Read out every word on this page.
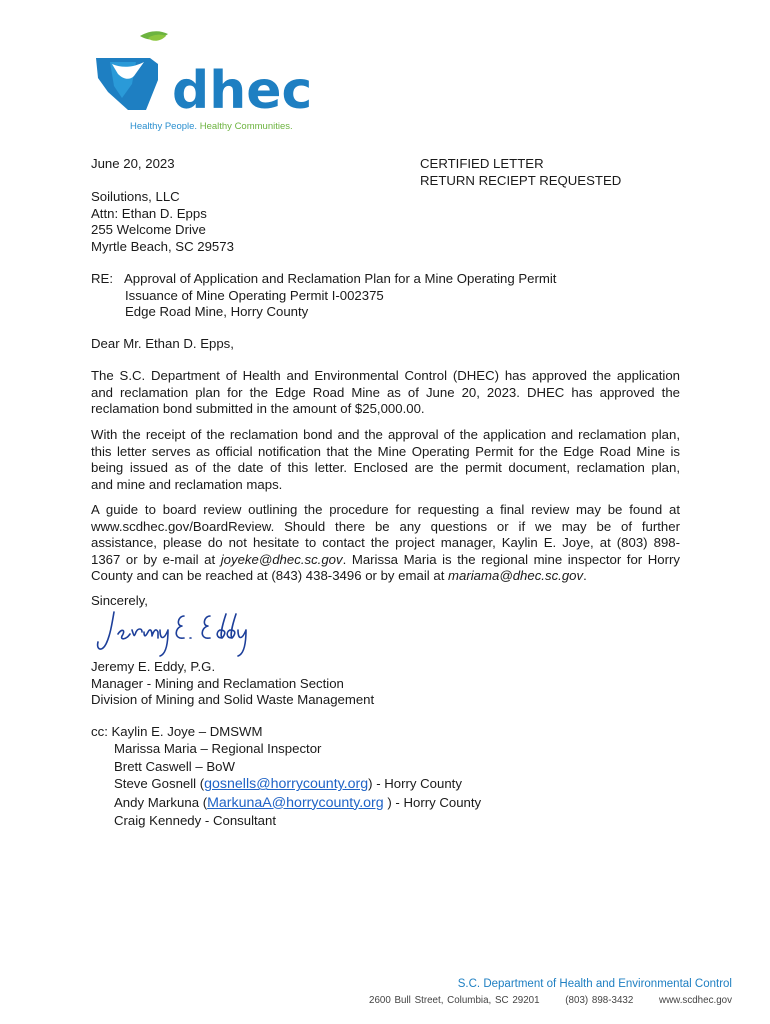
dhec
Healthy People. Healthy Communities.
June 20, 2023	CERTIFIED LETTER
RETURN RECIEPT REQUESTED
Soilutions, LLC
Attn: Ethan D. Epps
255 Welcome Drive
Myrtle Beach, SC 29573
RE: Approval of Application and Reclamation Plan for a Mine Operating Permit
Issuance of Mine Operating Permit I-002375
Edge Road Mine, Horry County
Dear Mr. Ethan D. Epps,
The S.C. Department of Health and Environmental Control (DHEC) has approved the application
and reclamation plan for the Edge Road Mine as of June 20, 2023. DHEC has approved the
reclamation bond submitted in the amount of $25,000.00.
With the receipt of the reclamation bond and the approval of the application and reclamation plan,
this letter serves as official notification that the Mine Operating Permit for the Edge Road Mine is
being issued as of the date of this letter. Enclosed are the permit document, reclamation plan,
and mine and reclamation maps.
A guide to board review outlining the procedure for requesting a final review may be found at
www.scdhec.gov/BoardReview. Should there be any questions or if we may be of further
assistance, please do not hesitate to contact the project manager, Kaylin E. Joye, at (803) 898-
1367 or by e-mail at joyeke@dhec.sc.gov. Marissa Maria is the regional mine inspector for Horry
County and can be reached at (843) 438-3496 or by email at mariama@dhec.sc.gov.
Sincerely,
Jeremy E. Eddy, P.G.
Manager - Mining and Reclamation Section
Division of Mining and Solid Waste Management
cc: Kaylin E. Joye – DMSWM
Marissa Maria – Regional Inspector
Brett Caswell – BoW
Steve Gosnell (gosnells@horrycounty.org) - Horry County
Andy Markuna (MarkunaA@horrycounty.org ) - Horry County
Craig Kennedy - Consultant
S.C. Department of Health and Environmental Control
2600 Bull Street, Columbia, SC 29201	(803) 898-3432	www.scdhec.gov
